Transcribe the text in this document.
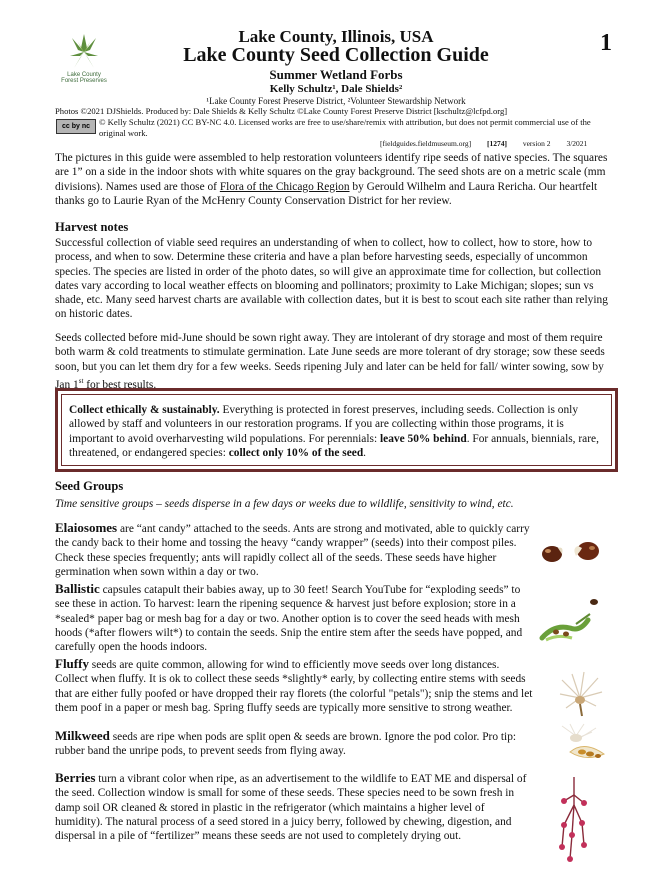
Lake County Forest Preserves
Lake County, Illinois, USA
Lake County Seed Collection Guide
Summer Wetland Forbs
Kelly Schultz¹, Dale Shields²
¹Lake County Forest Preserve District, ²Volunteer Stewardship Network
1
Photos ©2021 DJShields. Produced by: Dale Shields & Kelly Schultz ©Lake County Forest Preserve District [kschultz@lcfpd.org]
cc by nc	© Kelly Schultz (2021) CC BY-NC 4.0. Licensed works are free to use/share/remix with attribution, but does not permit commercial use of the original work.
[fieldguides.fieldmuseum.org] [1274] version 2 3/2021
The pictures in this guide were assembled to help restoration volunteers identify ripe seeds of native species. The squares are 1” on a side in the indoor shots with white squares on the gray background. The seed shots are on a metric scale (mm divisions). Names used are those of Flora of the Chicago Region by Gerould Wilhelm and Laura Rericha. Our heartfelt thanks go to Laurie Ryan of the McHenry County Conservation District for her review.
Harvest notes
Successful collection of viable seed requires an understanding of when to collect, how to collect, how to store, how to process, and when to sow. Determine these criteria and have a plan before harvesting seeds, especially of uncommon species. The species are listed in order of the photo dates, so will give an approximate time for collection, but collection dates vary according to local weather effects on blooming and pollinators; proximity to Lake Michigan; slopes; sun vs shade, etc. Many seed harvest charts are available with collection dates, but it is best to scout each site rather than relying on historic dates.
Seeds collected before mid-June should be sown right away. They are intolerant of dry storage and most of them require both warm & cold treatments to stimulate germination. Late June seeds are more tolerant of dry storage; sow these seeds soon, but you can let them dry for a few weeks. Seeds ripening July and later can be held for fall/ winter sowing, sow by Jan 1st for best results.
Collect ethically & sustainably. Everything is protected in forest preserves, including seeds. Collection is only allowed by staff and volunteers in our restoration programs. If you are collecting within those programs, it is important to avoid overharvesting wild populations. For perennials: leave 50% behind. For annuals, biennials, rare, threatened, or endangered species: collect only 10% of the seed.
Seed Groups
Time sensitive groups – seeds disperse in a few days or weeks due to wildlife, sensitivity to wind, etc.
Elaiosomes are “ant candy” attached to the seeds. Ants are strong and motivated, able to quickly carry the candy back to their home and tossing the heavy “candy wrapper” (seeds) into their compost piles. Check these species frequently; ants will rapidly collect all of the seeds. These seeds have higher germination when sown within a day or two.
Ballistic capsules catapult their babies away, up to 30 feet! Search YouTube for “exploding seeds” to see these in action. To harvest: learn the ripening sequence & harvest just before explosion; store in a *sealed* paper bag or mesh bag for a day or two. Another option is to cover the seed heads with mesh hoods (*after flowers wilt*) to contain the seeds. Snip the entire stem after the seeds have popped, and carefully open the hoods indoors.
Fluffy seeds are quite common, allowing for wind to efficiently move seeds over long distances. Collect when fluffy. It is ok to collect these seeds *slightly* early, by collecting entire stems with seeds that are either fully poofed or have dropped their ray florets (the colorful "petals"); snip the stems and let them poof in a paper or mesh bag. Spring fluffy seeds are typically more sensitive to strong weather.
Milkweed seeds are ripe when pods are split open & seeds are brown. Ignore the pod color. Pro tip: rubber band the unripe pods, to prevent seeds from flying away.
Berries turn a vibrant color when ripe, as an advertisement to the wildlife to EAT ME and dispersal of the seed. Collection window is small for some of these seeds. These species need to be sown fresh in damp soil OR cleaned & stored in plastic in the refrigerator (which maintains a higher level of humidity). The natural process of a seed stored in a juicy berry, followed by chewing, digestion, and dispersal in a pile of “fertilizer” means these seeds are not used to completely drying out.
